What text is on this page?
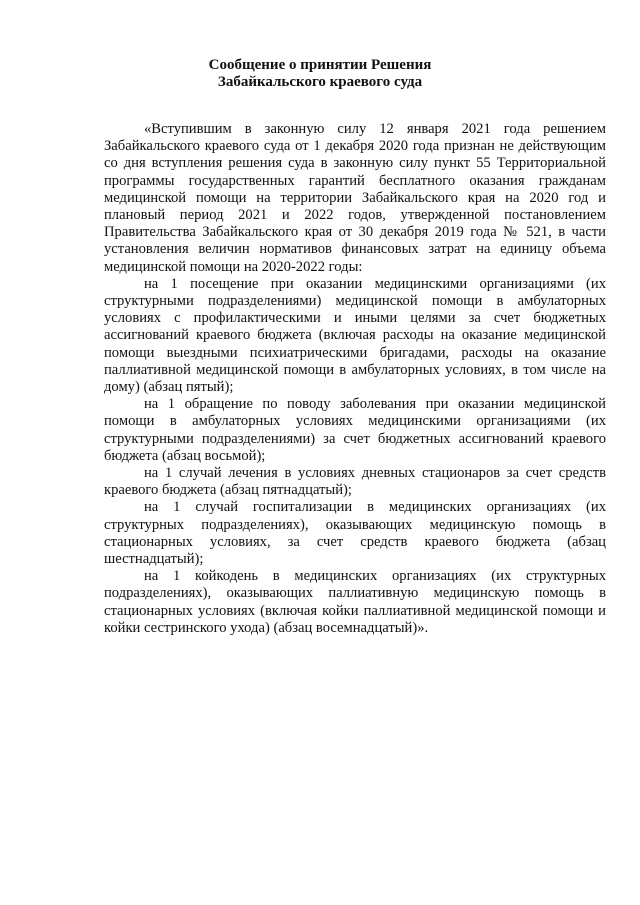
Сообщение о принятии Решения
Забайкальского краевого суда

«Вступившим в законную силу 12 января 2021 года решением Забайкальского краевого суда от 1 декабря 2020 года признан не действующим со дня вступления решения суда в законную силу пункт 55 Территориальной программы государственных гарантий бесплатного оказания гражданам медицинской помощи на территории Забайкальского края на 2020 год и плановый период 2021 и 2022 годов, утвержденной постановлением Правительства Забайкальского края от 30 декабря 2019 года № 521, в части установления величин нормативов финансовых затрат на единицу объема медицинской помощи на 2020-2022 годы:

на 1 посещение при оказании медицинскими организациями (их структурными подразделениями) медицинской помощи в амбулаторных условиях с профилактическими и иными целями за счет бюджетных ассигнований краевого бюджета (включая расходы на оказание медицинской помощи выездными психиатрическими бригадами, расходы на оказание паллиативной медицинской помощи в амбулаторных условиях, в том числе на дому) (абзац пятый);

на 1 обращение по поводу заболевания при оказании медицинской помощи в амбулаторных условиях медицинскими организациями (их структурными подразделениями) за счет бюджетных ассигнований краевого бюджета (абзац восьмой);

на 1 случай лечения в условиях дневных стационаров за счет средств краевого бюджета (абзац пятнадцатый);

на 1 случай госпитализации в медицинских организациях (их структурных подразделениях), оказывающих медицинскую помощь в стационарных условиях, за счет средств краевого бюджета (абзац шестнадцатый);

на 1 койкодень в медицинских организациях (их структурных подразделениях), оказывающих паллиативную медицинскую помощь в стационарных условиях (включая койки паллиативной медицинской помощи и койки сестринского ухода) (абзац восемнадцатый)».
